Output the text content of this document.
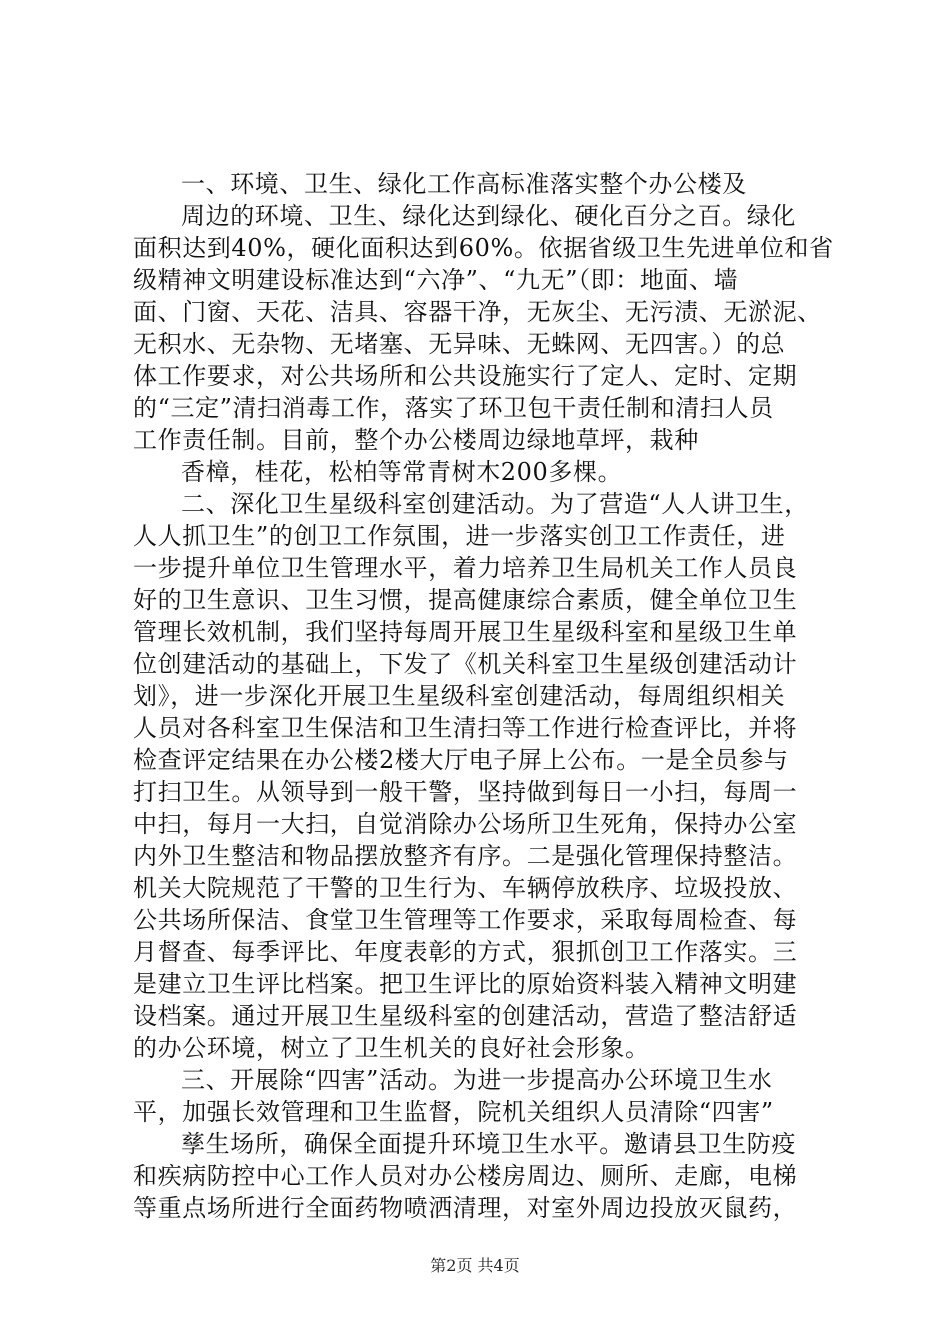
一、环境、卫生、绿化工作高标准落实整个办公楼及
周边的环境、卫生、绿化达到绿化、硬化百分之百。绿化
面积达到40%，硬化面积达到60%。依据省级卫生先进单位和省
级精神文明建设标准达到“六净”、“九无”（即：地面、墙
面、门窗、天花、洁具、容器干净，无灰尘、无污渍、无淤泥、
无积水、无杂物、无堵塞、无异味、无蛛网、无四害。）的总
体工作要求，对公共场所和公共设施实行了定人、定时、定期
的“三定”清扫消毒工作，落实了环卫包干责任制和清扫人员
工作责任制。目前，整个办公楼周边绿地草坪，栽种
香樟，桂花，松柏等常青树木200多棵。
二、深化卫生星级科室创建活动。为了营造“人人讲卫生，
人人抓卫生”的创卫工作氛围，进一步落实创卫工作责任，进
一步提升单位卫生管理水平，着力培养卫生局机关工作人员良
好的卫生意识、卫生习惯，提高健康综合素质，健全单位卫生
管理长效机制，我们坚持每周开展卫生星级科室和星级卫生单
位创建活动的基础上，下发了《机关科室卫生星级创建活动计
划》，进一步深化开展卫生星级科室创建活动，每周组织相关
人员对各科室卫生保洁和卫生清扫等工作进行检查评比，并将
检查评定结果在办公楼2楼大厅电子屏上公布。一是全员参与
打扫卫生。从领导到一般干警，坚持做到每日一小扫，每周一
中扫，每月一大扫，自觉消除办公场所卫生死角，保持办公室
内外卫生整洁和物品摆放整齐有序。二是强化管理保持整洁。
机关大院规范了干警的卫生行为、车辆停放秩序、垃圾投放、
公共场所保洁、食堂卫生管理等工作要求，采取每周检查、每
月督查、每季评比、年度表彰的方式，狠抓创卫工作落实。三
是建立卫生评比档案。把卫生评比的原始资料装入精神文明建
设档案。通过开展卫生星级科室的创建活动，营造了整洁舒适
的办公环境，树立了卫生机关的良好社会形象。
三、开展除“四害”活动。为进一步提高办公环境卫生水
平，加强长效管理和卫生监督，院机关组织人员清除“四害”
孳生场所，确保全面提升环境卫生水平。邀请县卫生防疫
和疾病防控中心工作人员对办公楼房周边、厕所、走廊，电梯
等重点场所进行全面药物喷洒清理，对室外周边投放灭鼠药，
第2页 共4页
